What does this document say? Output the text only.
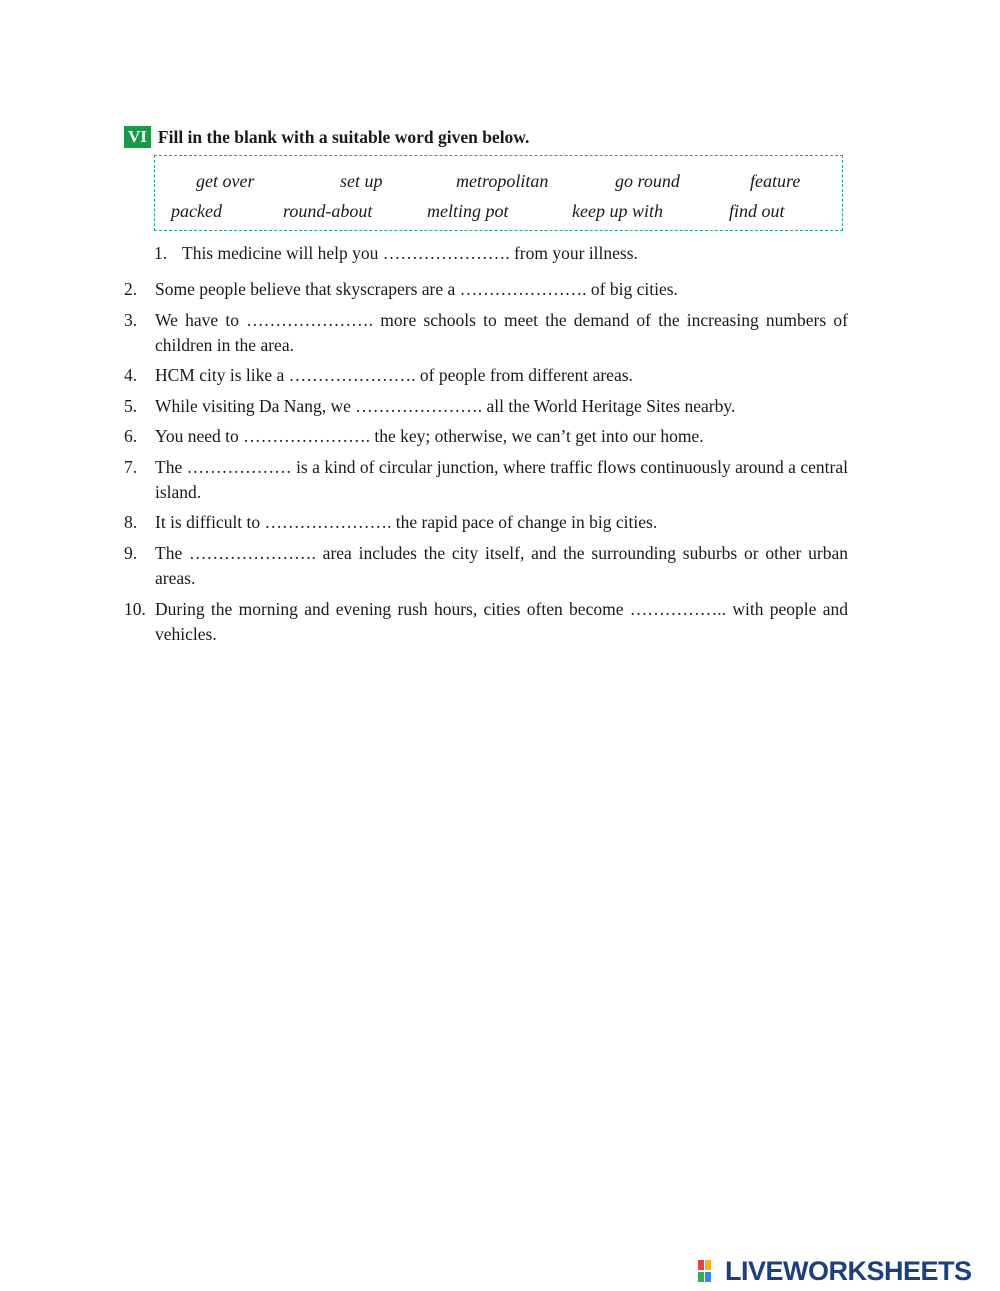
VI Fill in the blank with a suitable word given below.
get over	set up	metropolitan	go round	feature
packed	round-about	melting pot	keep up with	find out
1. This medicine will help you …………………. from your illness.
2. Some people believe that skyscrapers are a …………………. of big cities.
3. We have to …………………. more schools to meet the demand of the increasing numbers of children in the area.
4. HCM city is like a …………………. of people from different areas.
5. While visiting Da Nang, we …………………. all the World Heritage Sites nearby.
6. You need to …………………. the key; otherwise, we can’t get into our home.
7. The ……………… is a kind of circular junction, where traffic flows continuously around a central island.
8. It is difficult to …………………. the rapid pace of change in big cities.
9. The …………………. area includes the city itself, and the surrounding suburbs or other urban areas.
10. During the morning and evening rush hours, cities often become …………….. with people and vehicles.
LIVEWORKSHEETS
